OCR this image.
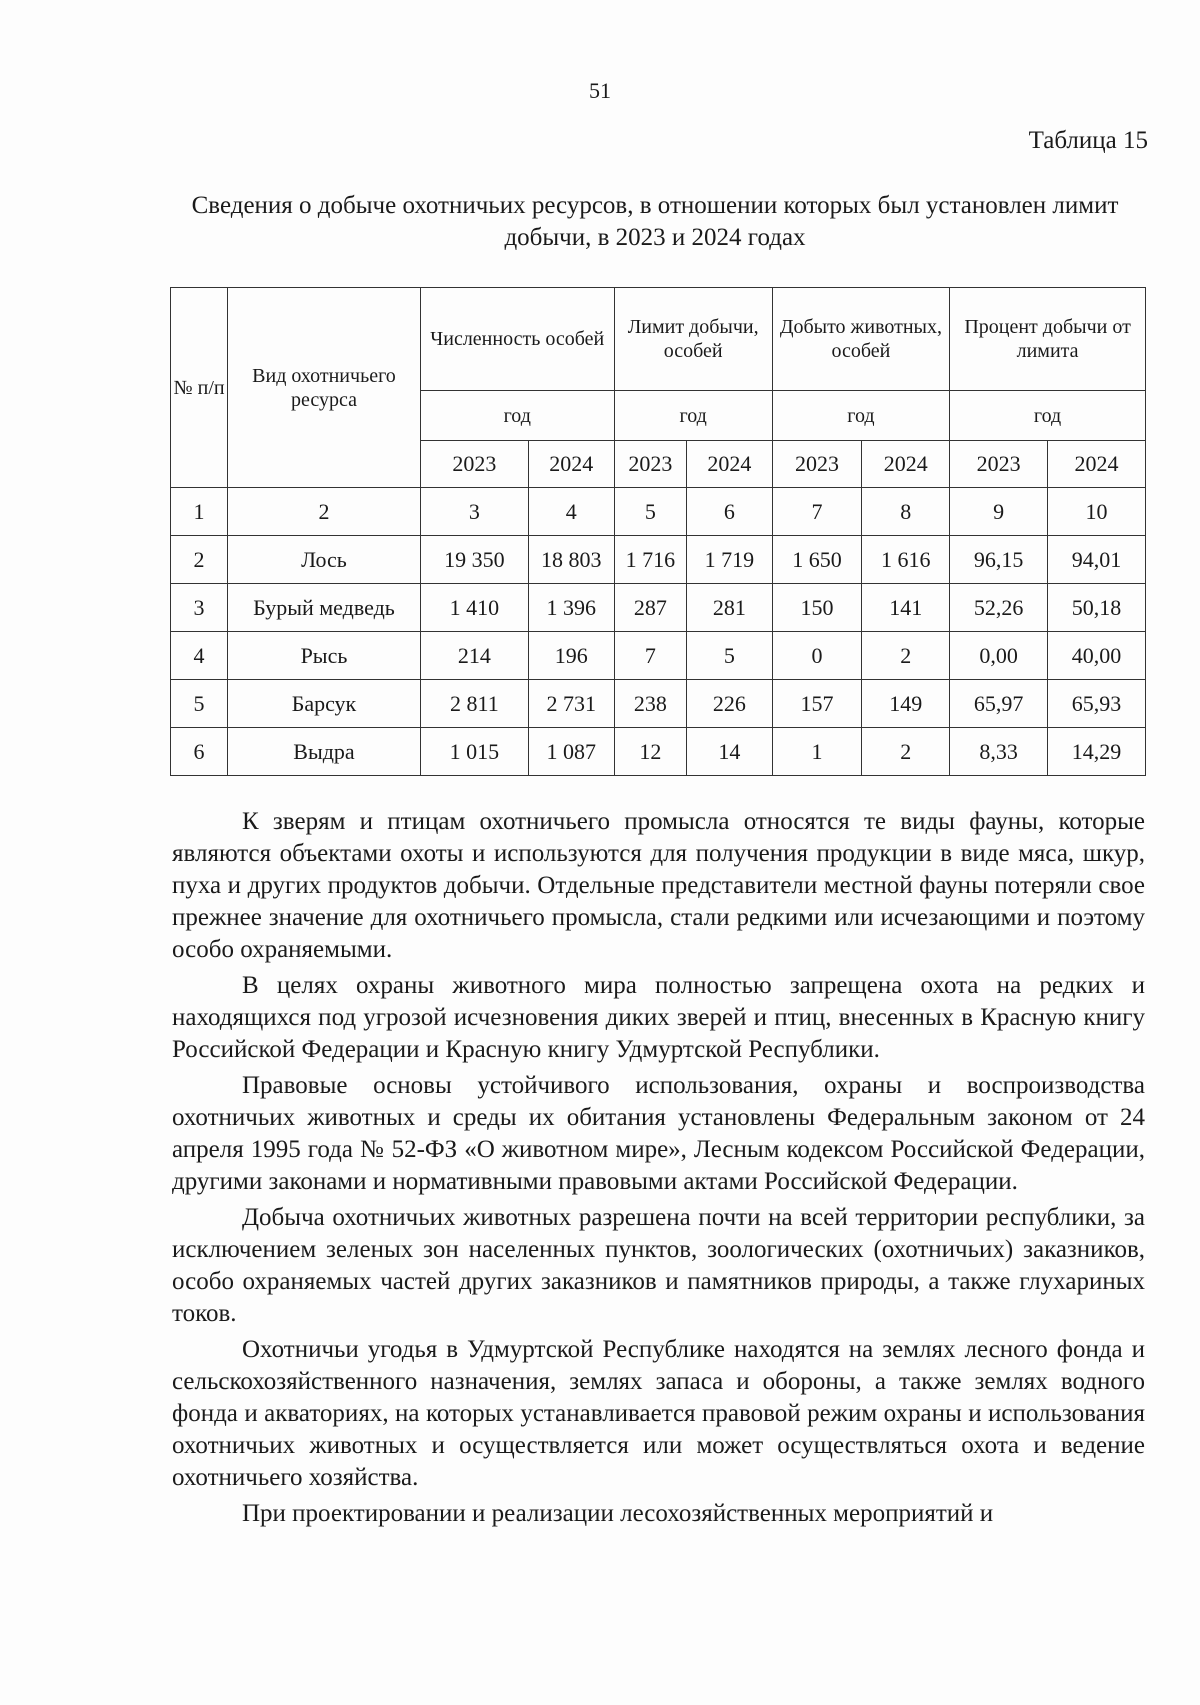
51
Таблица 15
Сведения о добыче охотничьих ресурсов, в отношении которых был установлен лимит добычи, в 2023 и 2024 годах
№ п/п	Вид охотничьего ресурса	Численность особей		Лимит добычи, особей		Добыто животных, особей		Процент добычи от лимита	
		год		год		год		год	
		2023	2024	2023	2024	2023	2024	2023	2024
1	2	3	4	5	6	7	8	9	10
2	Лось	19 350	18 803	1 716	1 719	1 650	1 616	96,15	94,01
3	Бурый медведь	1 410	1 396	287	281	150	141	52,26	50,18
4	Рысь	214	196	7	5	0	2	0,00	40,00
5	Барсук	2 811	2 731	238	226	157	149	65,97	65,93
6	Выдра	1 015	1 087	12	14	1	2	8,33	14,29

К зверям и птицам охотничьего промысла относятся те виды фауны, которые являются объектами охоты и используются для получения продукции в виде мяса, шкур, пуха и других продуктов добычи. Отдельные представители местной фауны потеряли свое прежнее значение для охотничьего промысла, стали редкими или исчезающими и поэтому особо охраняемыми.

В целях охраны животного мира полностью запрещена охота на редких и находящихся под угрозой исчезновения диких зверей и птиц, внесенных в Красную книгу Российской Федерации и Красную книгу Удмуртской Республики.

Правовые основы устойчивого использования, охраны и воспроизводства охотничьих животных и среды их обитания установлены Федеральным законом от 24 апреля 1995 года № 52-ФЗ «О животном мире», Лесным кодексом Российской Федерации, другими законами и нормативными правовыми актами Российской Федерации.

Добыча охотничьих животных разрешена почти на всей территории республики, за исключением зеленых зон населенных пунктов, зоологических (охотничьих) заказников, особо охраняемых частей других заказников и памятников природы, а также глухариных токов.

Охотничьи угодья в Удмуртской Республике находятся на землях лесного фонда и сельскохозяйственного назначения, землях запаса и обороны, а также землях водного фонда и акваториях, на которых устанавливается правовой режим охраны и использования охотничьих животных и осуществляется или может осуществляться охота и ведение охотничьего хозяйства.

При проектировании и реализации лесохозяйственных мероприятий и
